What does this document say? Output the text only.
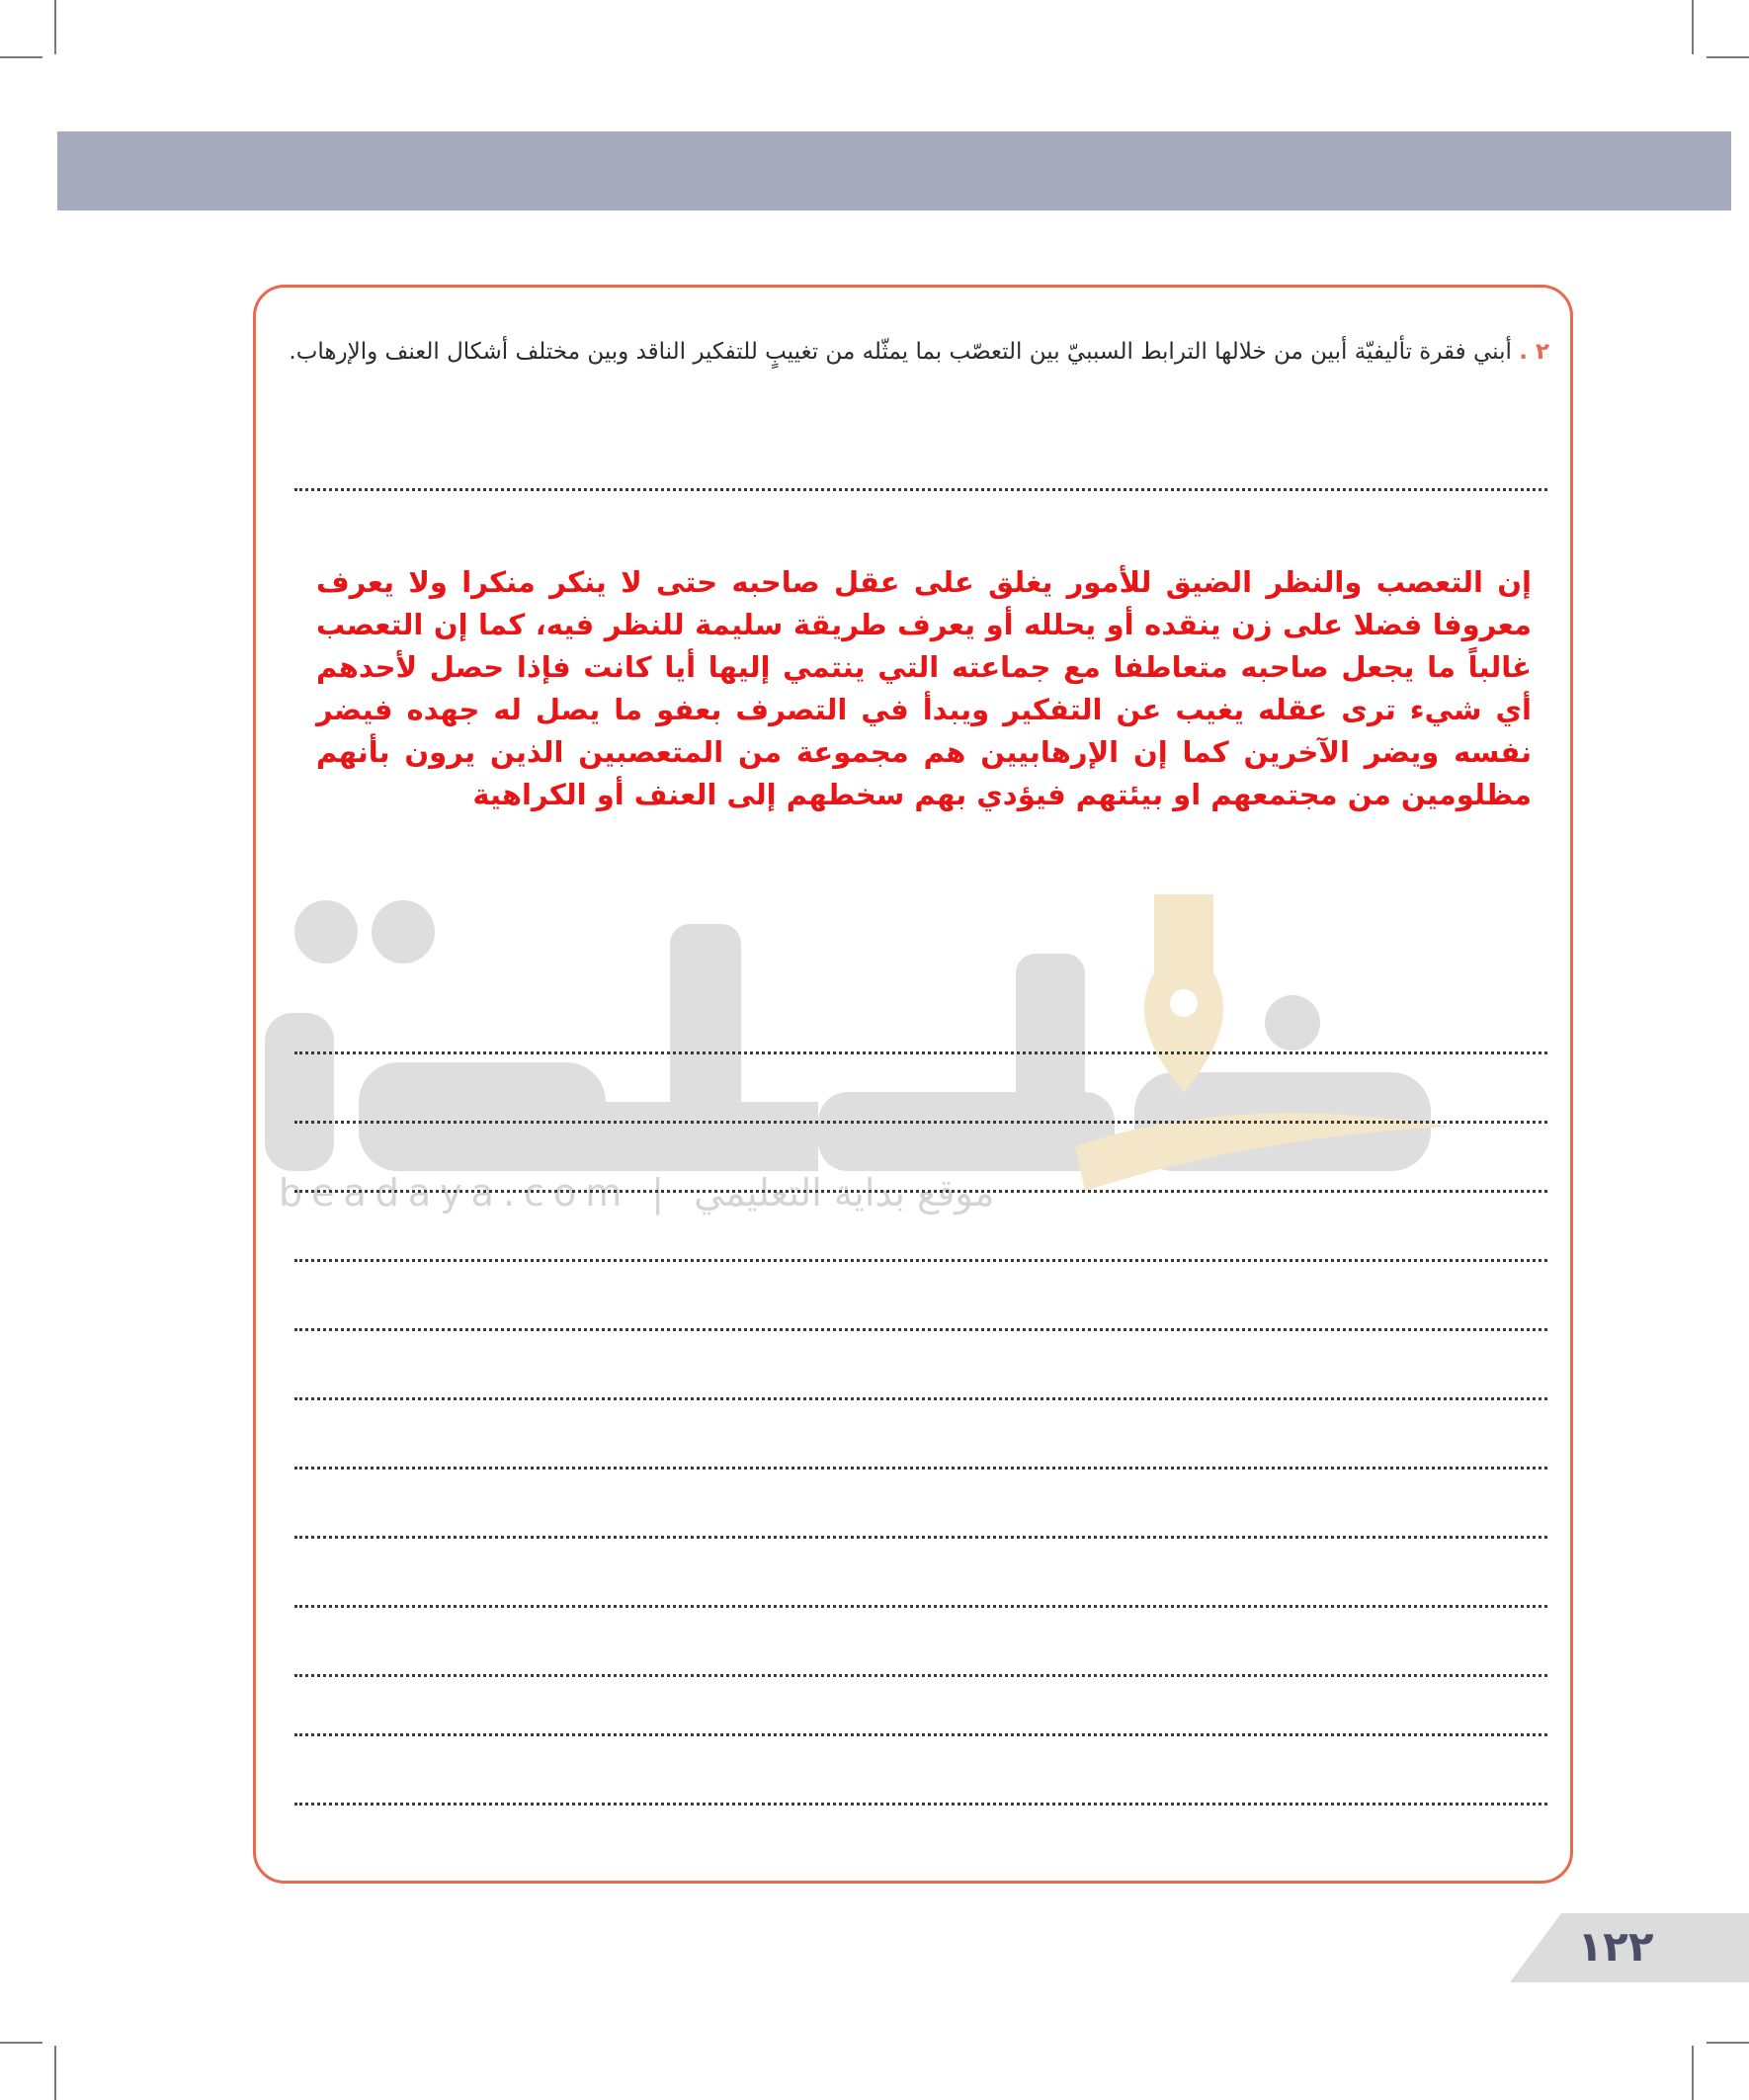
beadaya.com | موقع بداية التعليمي
٢ . أبني فقرة تأليفيّة أبين من خلالها الترابط السببيّ بين التعصّب بما يمثّله من تغييبٍ للتفكير الناقد وبين مختلف أشكال العنف والإرهاب.
إن التعصب والنظر الضيق للأمور يغلق على عقل صاحبه حتى لا ينكر منكرا ولا يعرف معروفا فضلا على زن ينقده أو يحلله أو يعرف طريقة سليمة للنظر فيه، كما إن التعصب غالباً ما يجعل صاحبه متعاطفا مع جماعته التي ينتمي إليها أيا كانت فإذا حصل لأحدهم أي شيء ترى عقله يغيب عن التفكير ويبدأ في التصرف بعفو ما يصل له جهده فيضر نفسه ويضر الآخرين كما إن الإرهابيين هم مجموعة من المتعصبين الذين يرون بأنهم مظلومين من مجتمعهم او بيئتهم فيؤدي بهم سخطهم إلى العنف أو الكراهية
١٢٢
